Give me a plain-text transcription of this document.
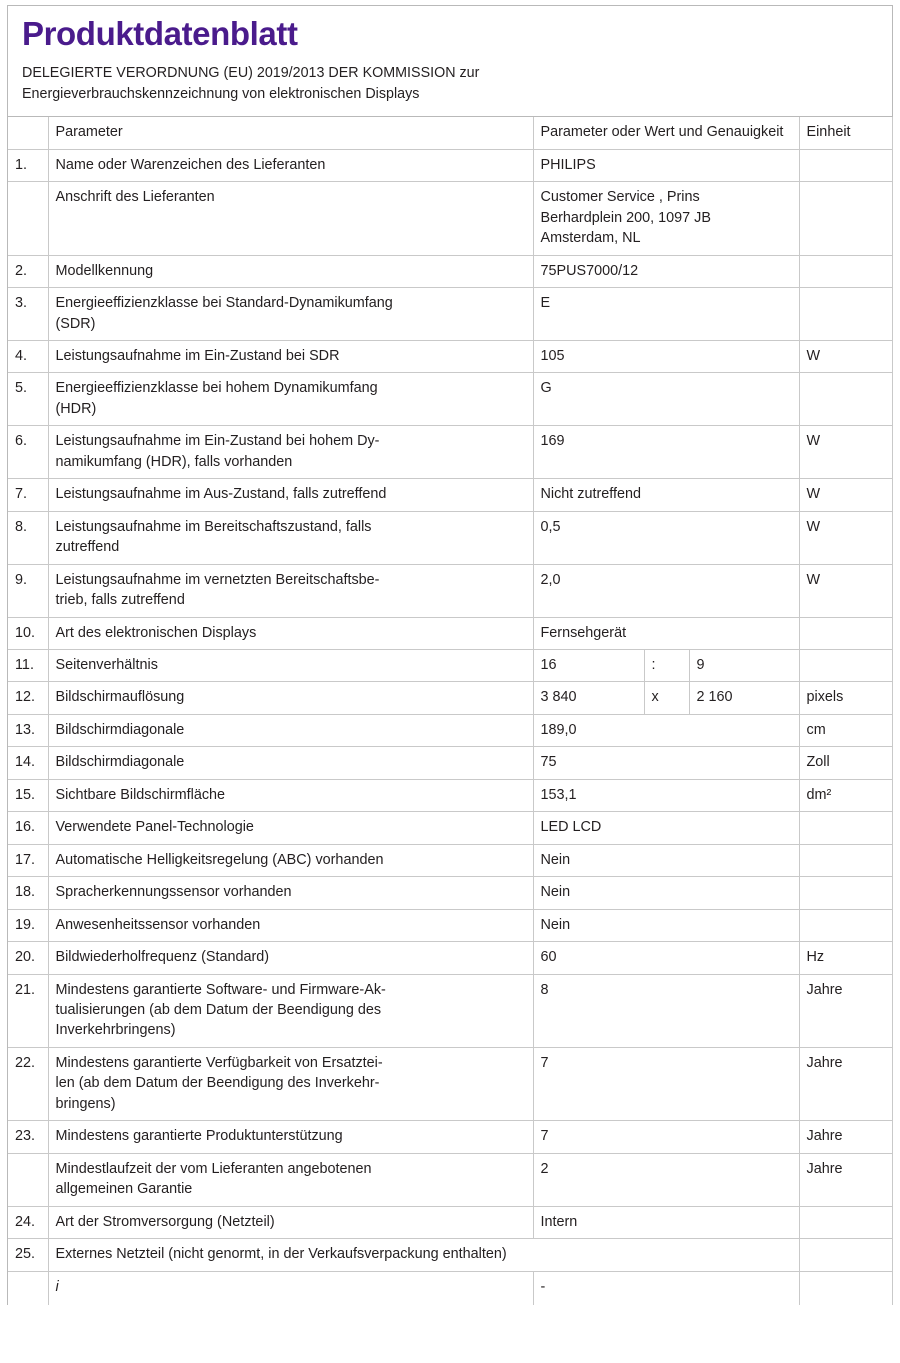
Produktdatenblatt

DELEGIERTE VERORDNUNG (EU) 2019/2013 DER KOMMISSION zur
Energieverbrauchskennzeichnung von elektronischen Displays

	Parameter	Parameter oder Wert und Genauigkeit			Einheit
1.	Name oder Warenzeichen des Lieferanten	PHILIPS			

	Anschrift des Lieferanten	Customer Service , Prins
Berhardplein 200, 1097 JB
Amsterdam, NL			

2.	Modellkennung	75PUS7000/12			
3.	Energieeffizienzklasse bei Standard-Dynamikumfang
(SDR)	E			
4.	Leistungsaufnahme im Ein-Zustand bei SDR	105			W
5.	Energieeffizienzklasse bei hohem Dynamikumfang
(HDR)	G			
6.	Leistungsaufnahme im Ein-Zustand bei hohem Dy-
namikumfang (HDR), falls vorhanden	169			W
7.	Leistungsaufnahme im Aus-Zustand, falls zutreffend	Nicht zutreffend			W
8.	Leistungsaufnahme im Bereitschaftszustand, falls
zutreffend	0,5			W
9.	Leistungsaufnahme im vernetzten Bereitschaftsbe-
trieb, falls zutreffend	2,0			W
10.	Art des elektronischen Displays	Fernsehgerät			
11.	Seitenverhältnis	16	:	9	
12.	Bildschirmauflösung	3 840	x	2 160	pixels
13.	Bildschirmdiagonale	189,0			cm
14.	Bildschirmdiagonale	75			Zoll
15.	Sichtbare Bildschirmfläche	153,1			dm²
16.	Verwendete Panel-Technologie	LED LCD			
17.	Automatische Helligkeitsregelung (ABC) vorhanden	Nein			
18.	Spracherkennungssensor vorhanden	Nein			
19.	Anwesenheitssensor vorhanden	Nein			
20.	Bildwiederholfrequenz (Standard)	60			Hz
21.	Mindestens garantierte Software- und Firmware-Ak-
tualisierungen (ab dem Datum der Beendigung des
Inverkehrbringens)	8			Jahre
22.	Mindestens garantierte Verfügbarkeit von Ersatztei-
len (ab dem Datum der Beendigung des Inverkehr-
bringens)	7			Jahre
23.	Mindestens garantierte Produktunterstützung	7			Jahre

	Mindestlaufzeit der vom Lieferanten angebotenen
allgemeinen Garantie	2			Jahre
24.	Art der Stromversorgung (Netzteil)	Intern			
25.	Externes Netzteil (nicht genormt, in der Verkaufsverpackung enthalten)				

	i	-			
